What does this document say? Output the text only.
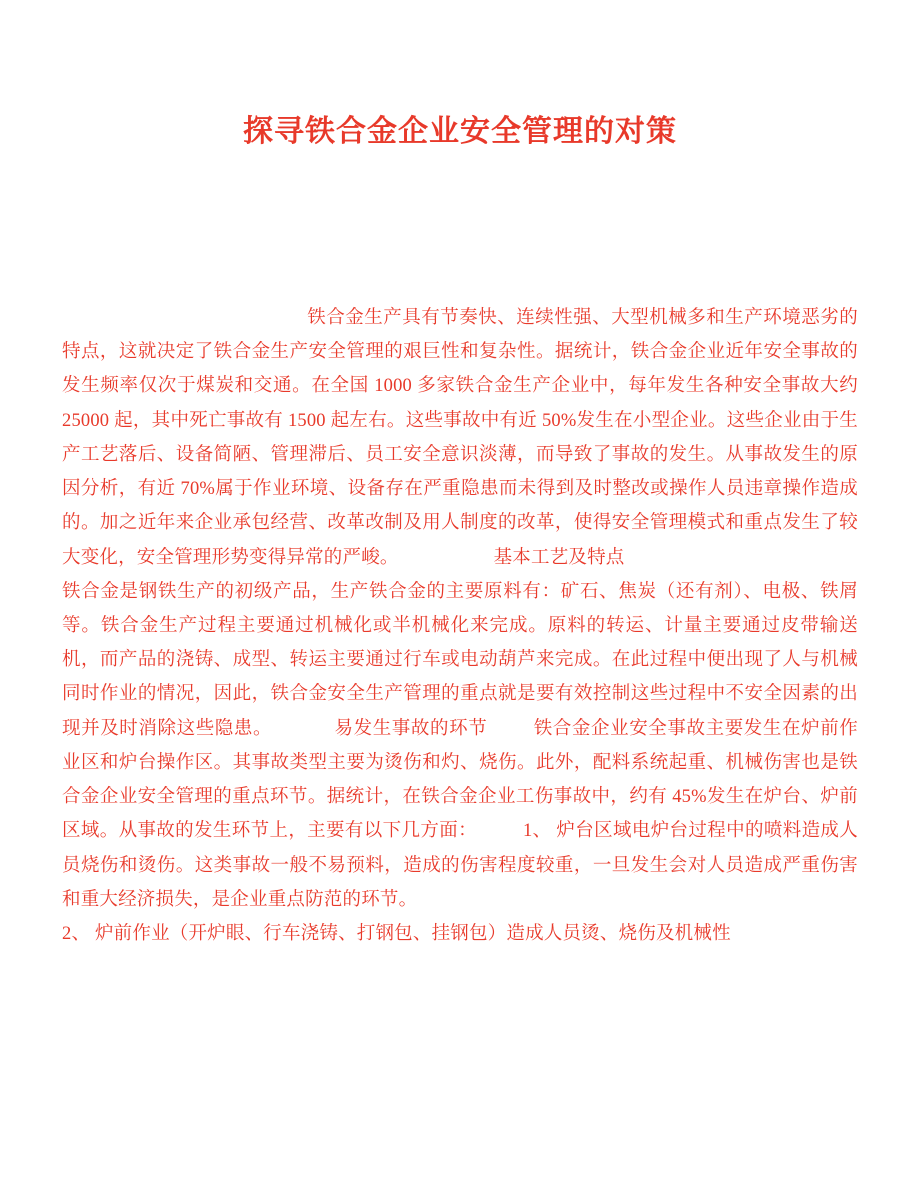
探寻铁合金企业安全管理的对策

铁合金生产具有节奏快、连续性强、大型机械多和生产环境恶劣的特点，这就决定了铁合金生产安全管理的艰巨性和复杂性。据统计，铁合金企业近年安全事故的发生频率仅次于煤炭和交通。在全国 1000 多家铁合金生产企业中，每年发生各种安全事故大约 25000 起，其中死亡事故有 1500 起左右。这些事故中有近 50%发生在小型企业。这些企业由于生产工艺落后、设备简陋、管理滞后、员工安全意识淡薄，而导致了事故的发生。从事故发生的原因分析，有近 70%属于作业环境、设备存在严重隐患而未得到及时整改或操作人员违章操作造成的。加之近年来企业承包经营、改革改制及用人制度的改革，使得安全管理模式和重点发生了较大变化，安全管理形势变得异常的严峻。	基本工艺及特点

铁合金是钢铁生产的初级产品，生产铁合金的主要原料有：矿石、焦炭（还有剂）、电极、铁屑等。铁合金生产过程主要通过机械化或半机械化来完成。原料的转运、计量主要通过皮带输送机，而产品的浇铸、成型、转运主要通过行车或电动葫芦来完成。在此过程中便出现了人与机械同时作业的情况，因此，铁合金安全生产管理的重点就是要有效控制这些过程中不安全因素的出现并及时消除这些隐患。	易发生事故的环节 铁合金企业安全事故主要发生在炉前作业区和炉台操作区。其事故类型主要为烫伤和灼、烧伤。此外，配料系统起重、机械伤害也是铁合金企业安全管理的重点环节。据统计，在铁合金企业工伤事故中，约有 45%发生在炉台、炉前区域。从事故的发生环节上，主要有以下几方面： 1、 炉台区域电炉台过程中的喷料造成人员烧伤和烫伤。这类事故一般不易预料，造成的伤害程度较重，一旦发生会对人员造成严重伤害和重大经济损失，是企业重点防范的环节。

2、 炉前作业（开炉眼、行车浇铸、打钢包、挂钢包）造成人员烫、烧伤及机械性
